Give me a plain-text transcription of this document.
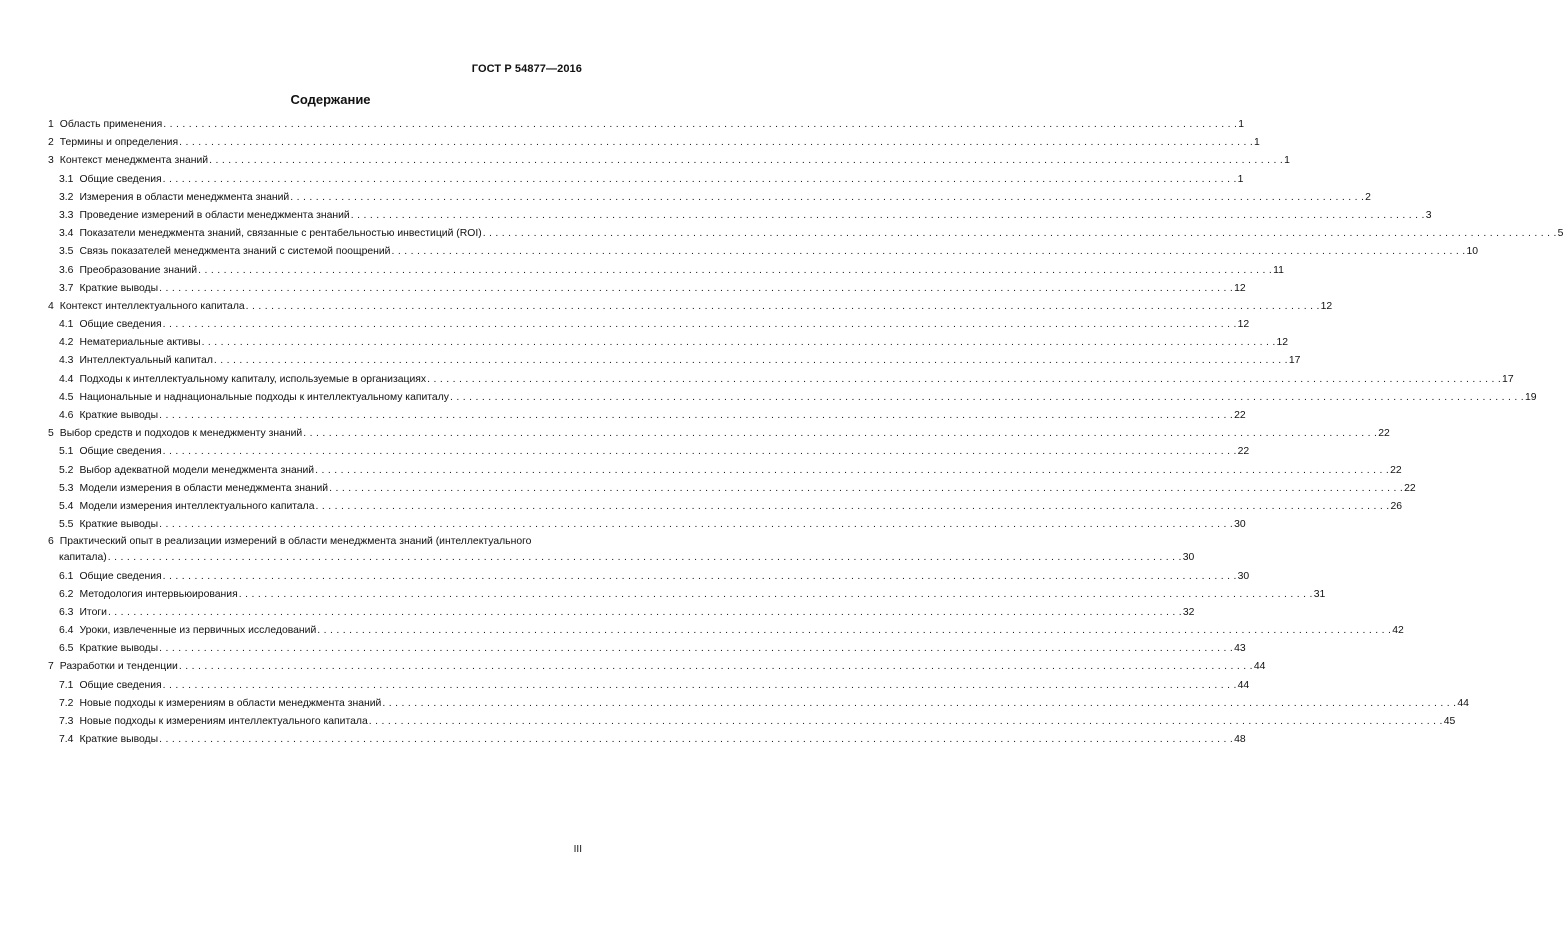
ГОСТ Р 54877—2016
Содержание
1 Область применения . . .	1
2 Термины и определения . . .	1
3 Контекст менеджмента знаний . . .	1
3.1 Общие сведения . . .	1
3.2 Измерения в области менеджмента знаний . . .	2
3.3 Проведение измерений в области менеджмента знаний . . .	3
3.4 Показатели менеджмента знаний, связанные с рентабельностью инвестиций (ROI) . . .	5
3.5 Связь показателей менеджмента знаний с системой поощрений . . .	10
3.6 Преобразование знаний . . .	11
3.7 Краткие выводы . . .	12
4 Контекст интеллектуального капитала . . .	12
4.1 Общие сведения . . .	12
4.2 Нематериальные активы . . .	12
4.3 Интеллектуальный капитал . . .	17
4.4 Подходы к интеллектуальному капиталу, используемые в организациях . . .	17
4.5 Национальные и наднациональные подходы к интеллектуальному капиталу . . .	19
4.6 Краткие выводы . . .	22
5 Выбор средств и подходов к менеджменту знаний . . .	22
5.1 Общие сведения . . .	22
5.2 Выбор адекватной модели менеджмента знаний . . .	22
5.3 Модели измерения в области менеджмента знаний . . .	22
5.4 Модели измерения интеллектуального капитала . . .	26
5.5 Краткие выводы . . .	30
6 Практический опыт в реализации измерений в области менеджмента знаний (интеллектуального
капитала) . . .	30
6.1 Общие сведения . . .	30
6.2 Методология интервьюирования . . .	31
6.3 Итоги . . .	32
6.4 Уроки, извлеченные из первичных исследований . . .	42
6.5 Краткие выводы . . .	43
7 Разработки и тенденции . . .	44
7.1 Общие сведения . . .	44
7.2 Новые подходы к измерениям в области менеджмента знаний . . .	44
7.3 Новые подходы к измерениям интеллектуального капитала . . .	45
7.4 Краткие выводы . . .	48
III
